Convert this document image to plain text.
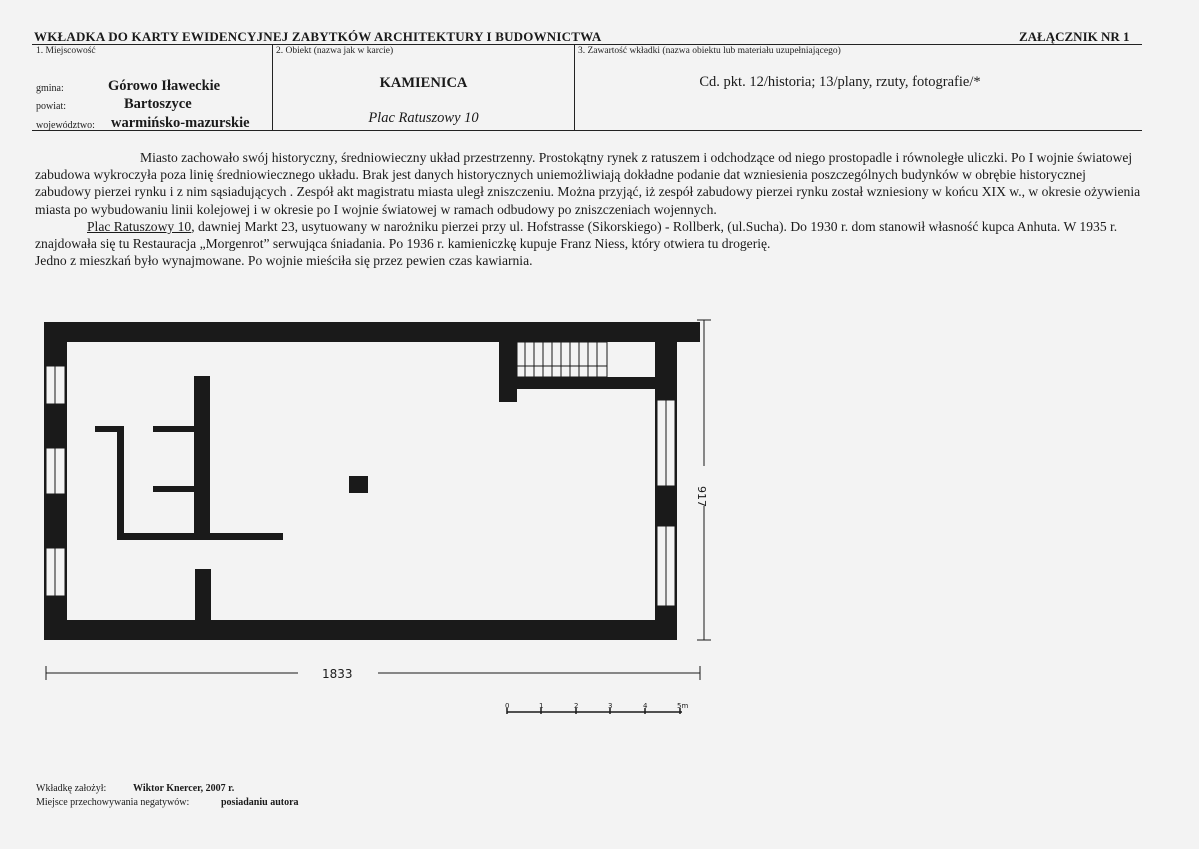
WKŁADKA DO KARTY EWIDENCYJNEJ ZABYTKÓW ARCHITEKTURY I BUDOWNICTWA	ZAŁĄCZNIK NR 1
1. Miejscowość	2. Obiekt (nazwa jak w karcie)	3. Zawartość wkładki (nazwa obiektu lub materiału uzupełniającego)
gmina:	Górowo Iławeckie
powiat:	Bartoszyce
województwo: warmińsko-mazurskie
KAMIENICA
Plac Ratuszowy 10
Cd. pkt. 12/historia; 13/plany, rzuty, fotografie/*

Miasto zachowało swój historyczny, średniowieczny układ przestrzenny. Prostokątny rynek z ratuszem i odchodzące od niego prostopadle i równoległe uliczki. Po I wojnie światowej zabudowa wykroczyła poza linię średniowiecznego układu. Brak jest danych historycznych uniemożliwiają dokładne podanie dat wzniesienia poszczególnych budynków w obrębie historycznej zabudowy pierzei rynku i z nim sąsiadujących . Zespół akt magistratu miasta uległ zniszczeniu. Można przyjąć, iż zespół zabudowy pierzei rynku został wzniesiony w końcu XIX w., w okresie ożywienia miasta po wybudowaniu linii kolejowej i w okresie po I wojnie światowej w ramach odbudowy po zniszczeniach wojennych.

Plac Ratuszowy 10, dawniej Markt 23, usytuowany w narożniku pierzei przy ul. Hofstrasse (Sikorskiego) - Rollberk, (ul.Sucha). Do 1930 r. dom stanowił własność kupca Anhuta. W 1935 r. znajdowała się tu Restauracja „Morgenrot” serwująca śniadania. Po 1936 r. kamieniczkę kupuje Franz Niess, który otwiera tu drogerię.

Jedno z mieszkań było wynajmowane. Po wojnie mieściła się przez pewien czas kawiarnia.

1833
917
0	1	2	3	4	5m
Wkładkę założył:	Wiktor Knercer, 2007 r.
Miejsce przechowywania negatywów:	posiadaniu autora
